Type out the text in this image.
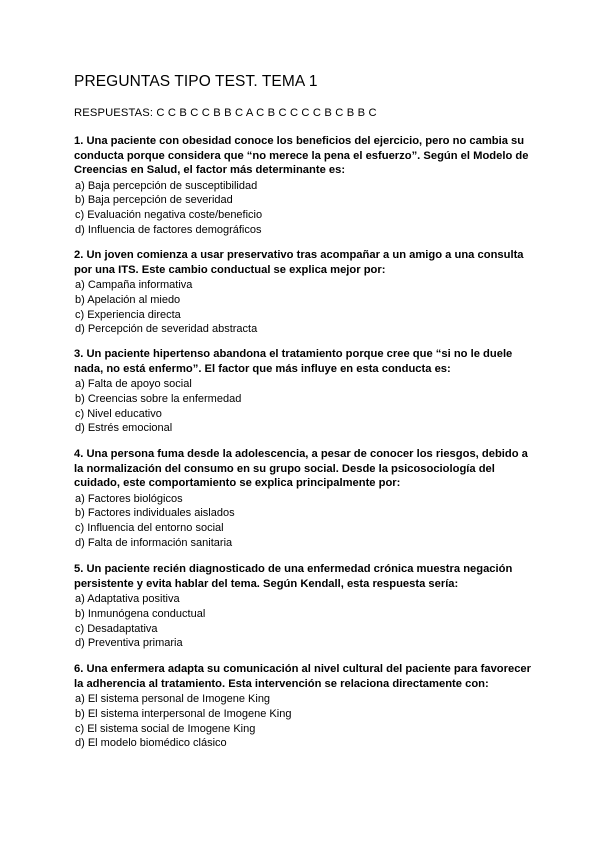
PREGUNTAS TIPO TEST. TEMA 1
RESPUESTAS: C C B C C B B C A C B C C C C B C B B C

1. Una paciente con obesidad conoce los beneficios del ejercicio, pero no cambia su conducta porque considera que “no merece la pena el esfuerzo”. Según el Modelo de Creencias en Salud, el factor más determinante es:

a) Baja percepción de susceptibilidad
b) Baja percepción de severidad
c) Evaluación negativa coste/beneficio
d) Influencia de factores demográficos

2. Un joven comienza a usar preservativo tras acompañar a un amigo a una consulta por una ITS. Este cambio conductual se explica mejor por:

a) Campaña informativa
b) Apelación al miedo
c) Experiencia directa
d) Percepción de severidad abstracta

3. Un paciente hipertenso abandona el tratamiento porque cree que “si no le duele nada, no está enfermo”. El factor que más influye en esta conducta es:

a) Falta de apoyo social
b) Creencias sobre la enfermedad
c) Nivel educativo
d) Estrés emocional

4. Una persona fuma desde la adolescencia, a pesar de conocer los riesgos, debido a la normalización del consumo en su grupo social. Desde la psicosociología del cuidado, este comportamiento se explica principalmente por:

a) Factores biológicos
b) Factores individuales aislados
c) Influencia del entorno social
d) Falta de información sanitaria

5. Un paciente recién diagnosticado de una enfermedad crónica muestra negación persistente y evita hablar del tema. Según Kendall, esta respuesta sería:

a) Adaptativa positiva
b) Inmunógena conductual
c) Desadaptativa
d) Preventiva primaria

6. Una enfermera adapta su comunicación al nivel cultural del paciente para favorecer la adherencia al tratamiento. Esta intervención se relaciona directamente con:

a) El sistema personal de Imogene King
b) El sistema interpersonal de Imogene King
c) El sistema social de Imogene King
d) El modelo biomédico clásico
